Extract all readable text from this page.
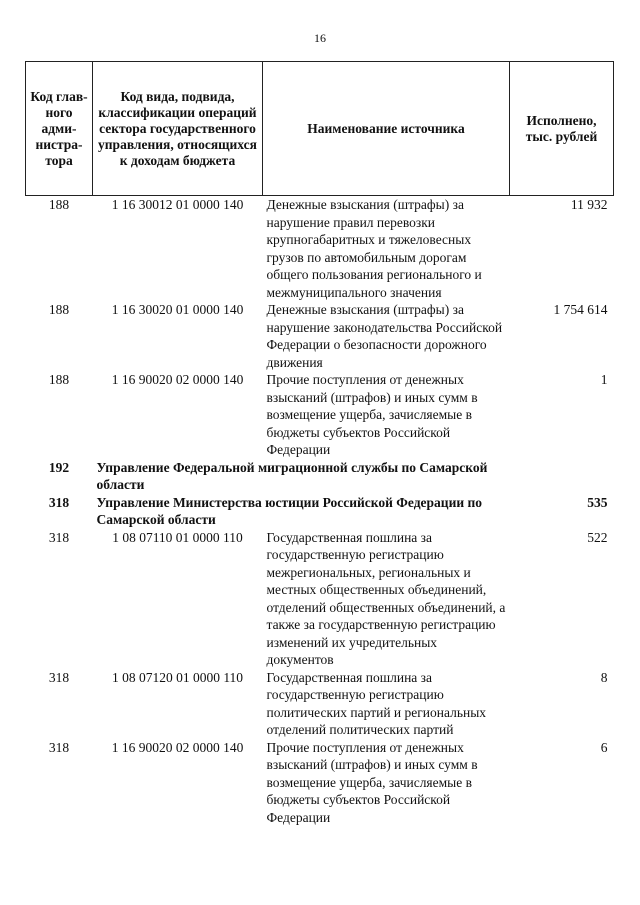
16
Код глав-ного адми-нистра-тора	Код вида, подвида, классификации операций сектора государственного управления, относящихся к доходам бюджета	Наименование источника	Исполнено, тыс. рублей
188	1 16 30012 01 0000 140	Денежные взыскания (штрафы) за нарушение правил перевозки крупногабаритных и тяжеловесных грузов по автомобильным дорогам общего пользования регионального и межмуниципального значения	11 932
188	1 16 30020 01 0000 140	Денежные взыскания (штрафы) за нарушение законодательства Российской Федерации о безопасности дорожного движения	1 754 614
188	1 16 90020 02 0000 140	Прочие поступления от денежных взысканий (штрафов) и иных сумм в возмещение ущерба, зачисляемые в бюджеты субъектов Российской Федерации	1
192	Управление Федеральной миграционной службы по Самарской области		
318	Управление Министерства юстиции Российской Федерации по Самарской области		535
318	1 08 07110 01 0000 110	Государственная пошлина за государственную регистрацию межрегиональных, региональных и местных общественных объединений, отделений общественных объединений, а также за государственную регистрацию изменений их учредительных документов	522
318	1 08 07120 01 0000 110	Государственная пошлина за государственную регистрацию политических партий и региональных отделений политических партий	8
318	1 16 90020 02 0000 140	Прочие поступления от денежных взысканий (штрафов) и иных сумм в возмещение ущерба, зачисляемые в бюджеты субъектов Российской Федерации	6
